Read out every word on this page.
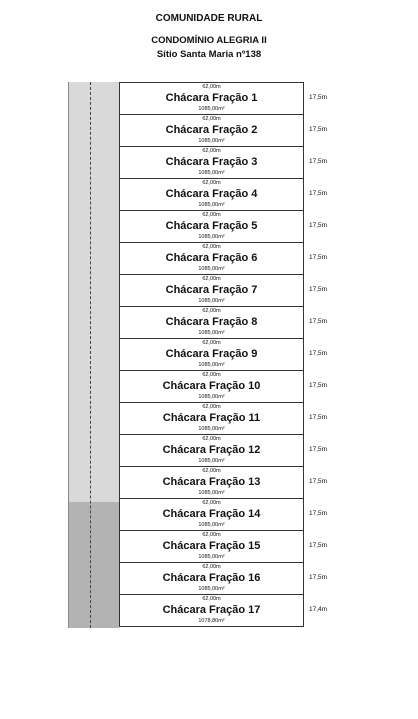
COMUNIDADE RURAL
CONDOMÍNIO ALEGRIA II
Sítio Santa Maria nº138
62,00m
Chácara Fração 1
1085,00m²
62,00m
Chácara Fração 2
1085,00m²
62,00m
Chácara Fração 3
1085,00m²
62,00m
Chácara Fração 4
1085,00m²
62,00m
Chácara Fração 5
1085,00m²
62,00m
Chácara Fração 6
1085,00m²
62,00m
Chácara Fração 7
1085,00m²
62,00m
Chácara Fração 8
1085,00m²
62,00m
Chácara Fração 9
1085,00m²
62,00m
Chácara Fração 10
1085,00m²
62,00m
Chácara Fração 11
1085,00m²
62,00m
Chácara Fração 12
1085,00m²
62,00m
Chácara Fração 13
1085,00m²
62,00m
Chácara Fração 14
1085,00m²
62,00m
Chácara Fração 15
1085,00m²
62,00m
Chácara Fração 16
1085,00m²
62,00m
Chácara Fração 17
1078,80m²
17,5m
17,5m
17,5m
17,5m
17,5m
17,5m
17,5m
17,5m
17,5m
17,5m
17,5m
17,5m
17,5m
17,5m
17,5m
17,5m
17,4m
